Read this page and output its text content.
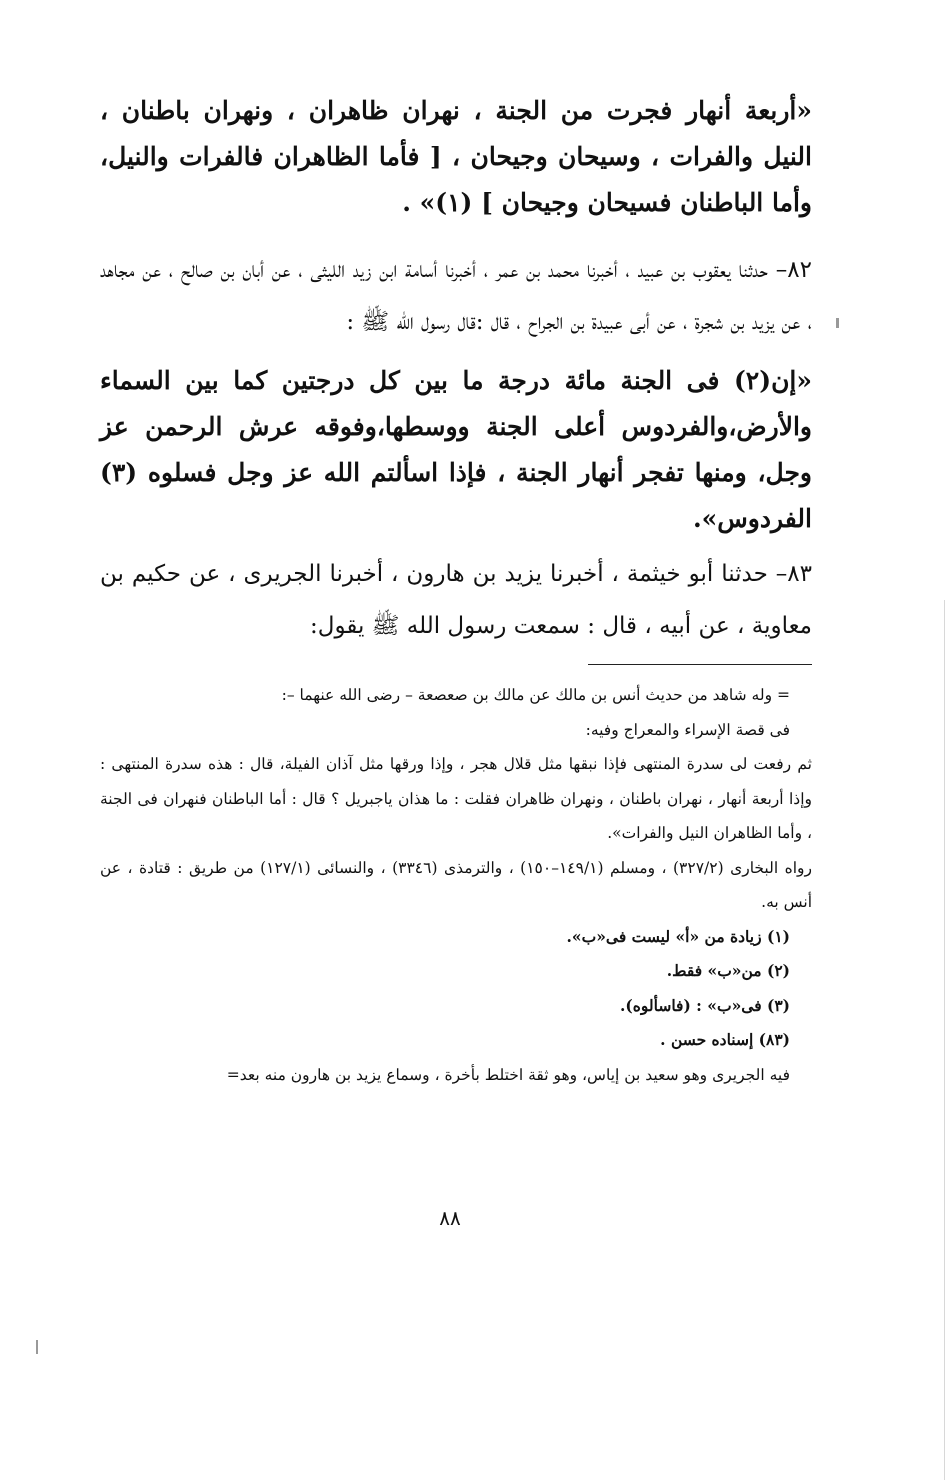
«أربعة أنهار فجرت من الجنة ، نهران ظاهران ، ونهران باطنان ، النيل والفرات ، وسيحان وجيحان ، [ فأما الظاهران فالفرات والنيل، وأما الباطنان فسيحان وجيحان ] (١)» .

٨٢– حدثنا يعقوب بن عبيد ، أخبرنا محمد بن عمر ، أخبرنا أسامة ابن زيد الليثى ، عن أبان بن صالح ، عن مجاهد ، عن يزيد بن شجرة ، عن أبى عبيدة بن الجراح ، قال :قال رسول الله ﷺ :

«إن(٢) فى الجنة مائة درجة ما بين كل درجتين كما بين السماء والأرض،والفردوس أعلى الجنة ووسطها،وفوقه عرش الرحمن عز وجل، ومنها تفجر أنهار الجنة ، فإذا اسألتم الله عز وجل فسلوه (٣) الفردوس».

٨٣– حدثنا أبو خيثمة ، أخبرنا يزيد بن هارون ، أخبرنا الجريرى ، عن حكيم بن معاوية ، عن أبيه ، قال : سمعت رسول الله ﷺ يقول:

= وله شاهد من حديث أنس بن مالك عن مالك بن صعصعة – رضى الله عنهما –:

فى قصة الإسراء والمعراج وفيه:

ثم رفعت لى سدرة المنتهى فإذا نبقها مثل قلال هجر ، وإذا ورقها مثل آذان الفيلة، قال : هذه سدرة المنتهى : وإذا أربعة أنهار ، نهران باطنان ، ونهران ظاهران فقلت : ما هذان ياجبريل ؟ قال : أما الباطنان فنهران فى الجنة ، وأما الظاهران النيل والفرات».

رواه البخارى (٣٢٧/٢) ، ومسلم (١٤٩/١–١٥٠) ، والترمذى (٣٣٤٦) ، والنسائى (١٢٧/١) من طريق : قتادة ، عن أنس به.

(١) زيادة من «أ» ليست فى«ب».

(٢) من«ب» فقط.

(٣) فى«ب» : (فاسألوه).

(٨٣) إسناده حسن .

فيه الجريرى وهو سعيد بن إياس، وهو ثقة اختلط بأخرة ، وسماع يزيد بن هارون منه بعد=

٨٨
